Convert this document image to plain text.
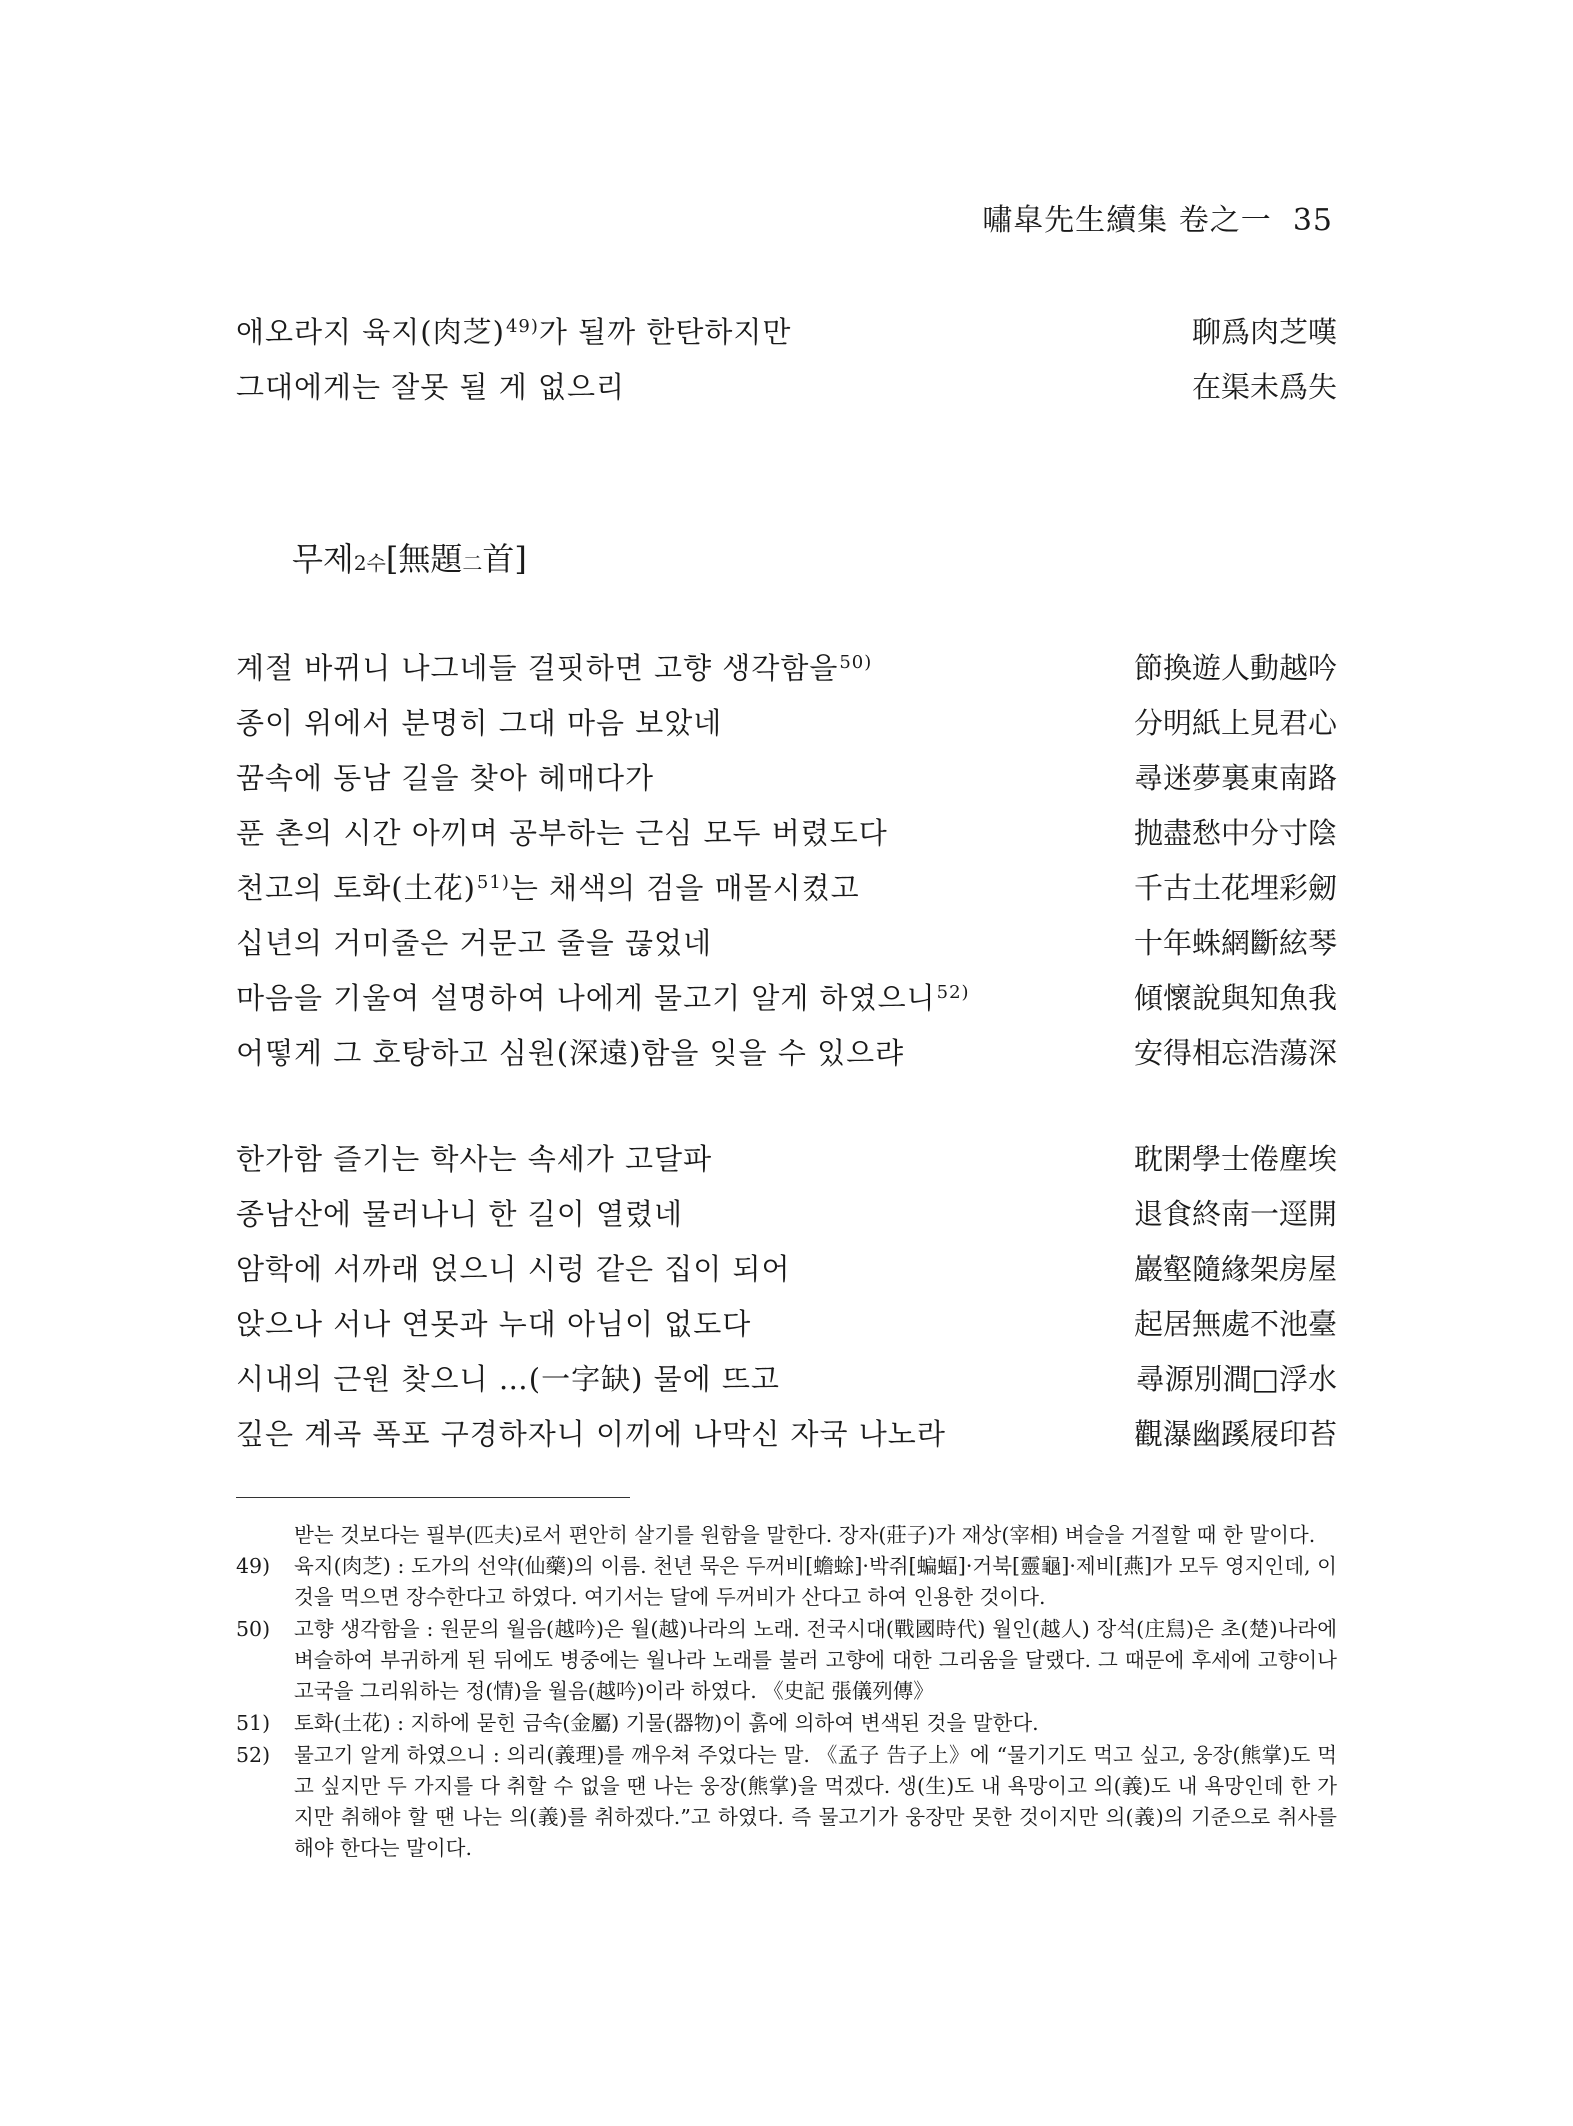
嘯皐先生續集 卷之一 35
애오라지 육지(肉芝)$^{49)}$가 될까 한탄하지만	聊爲肉芝嘆
그대에게는 잘못 될 게 없으리	在渠未爲失
무제2수[無題二首]
계절 바뀌니 나그네들 걸핏하면 고향 생각함을$^{50)}$	節換遊人動越吟
종이 위에서 분명히 그대 마음 보았네	分明紙上見君心
꿈속에 동남 길을 찾아 헤매다가	尋迷夢裏東南路
푼 촌의 시간 아끼며 공부하는 근심 모두 버렸도다	抛盡愁中分寸陰
천고의 토화(土花)$^{51)}$는 채색의 검을 매몰시켰고	千古土花埋彩劒
십년의 거미줄은 거문고 줄을 끊었네	十年蛛網斷絃琴
마음을 기울여 설명하여 나에게 물고기 알게 하였으니$^{52)}$	傾懷說與知魚我
어떻게 그 호탕하고 심원(深遠)함을 잊을 수 있으랴	安得相忘浩蕩深
한가함 즐기는 학사는 속세가 고달파	耽閑學士倦塵埃
종남산에 물러나니 한 길이 열렸네	退食終南一逕開
암학에 서까래 얹으니 시렁 같은 집이 되어	巖壑隨緣架房屋
앉으나 서나 연못과 누대 아님이 없도다	起居無處不池臺
시내의 근원 찾으니 …(一字缺) 물에 뜨고	尋源別澗□浮水
깊은 계곡 폭포 구경하자니 이끼에 나막신 자국 나노라	觀瀑幽蹊屐印苔

받는 것보다는 필부(匹夫)로서 편안히 살기를 원함을 말한다. 장자(莊子)가 재상(宰相) 벼슬을 거절할 때 한 말이다.

49) 육지(肉芝) : 도가의 선약(仙藥)의 이름. 천년 묵은 두꺼비[蟾蜍]·박쥐[蝙蝠]·거북[靈龜]·제비[燕]가 모두 영지인데, 이것을 먹으면 장수한다고 하였다. 여기서는 달에 두꺼비가 산다고 하여 인용한 것이다.

50) 고향 생각함을 : 원문의 월음(越吟)은 월(越)나라의 노래. 전국시대(戰國時代) 월인(越人) 장석(庄舃)은 초(楚)나라에 벼슬하여 부귀하게 된 뒤에도 병중에는 월나라 노래를 불러 고향에 대한 그리움을 달랬다. 그 때문에 후세에 고향이나 고국을 그리워하는 정(情)을 월음(越吟)이라 하였다. 《史記 張儀列傳》

51) 토화(土花) : 지하에 묻힌 금속(金屬) 기물(器物)이 흙에 의하여 변색된 것을 말한다.

52) 물고기 알게 하였으니 : 의리(義理)를 깨우쳐 주었다는 말. 《孟子 告子上》에 “물기기도 먹고 싶고, 웅장(熊掌)도 먹고 싶지만 두 가지를 다 취할 수 없을 땐 나는 웅장(熊掌)을 먹겠다. 생(生)도 내 욕망이고 의(義)도 내 욕망인데 한 가지만 취해야 할 땐 나는 의(義)를 취하겠다.”고 하였다. 즉 물고기가 웅장만 못한 것이지만 의(義)의 기준으로 취사를 해야 한다는 말이다.
